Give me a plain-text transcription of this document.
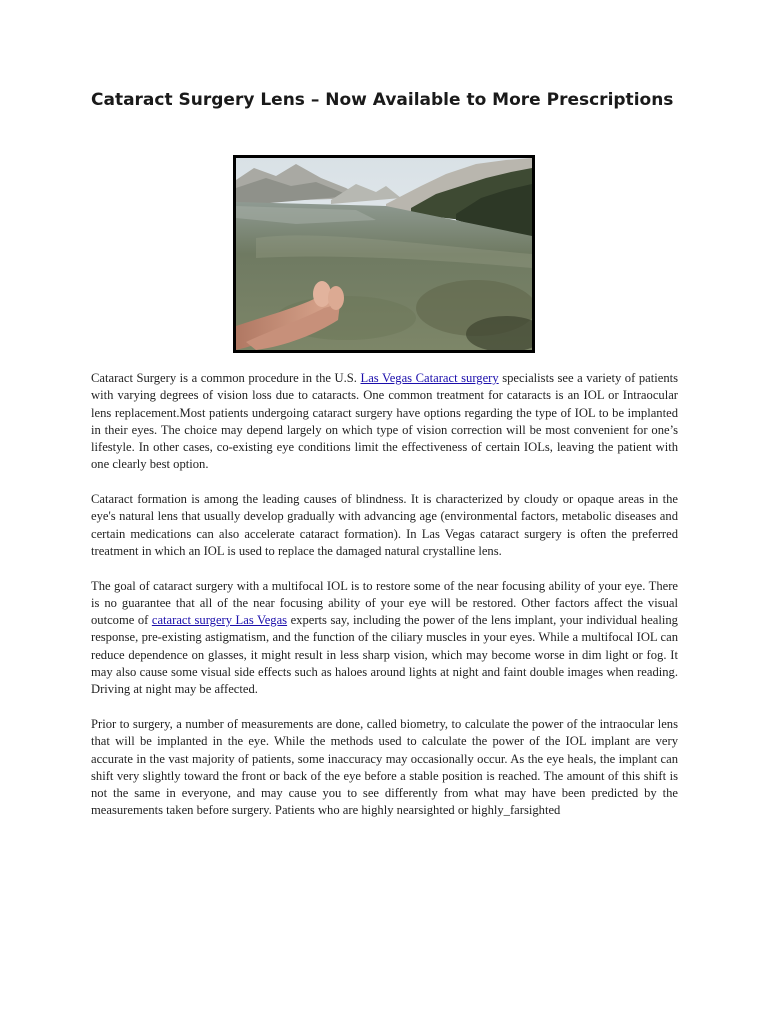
Cataract Surgery Lens – Now Available to More Prescriptions

Cataract Surgery is a common procedure in the U.S. Las Vegas Cataract surgery specialists see a variety of patients with varying degrees of vision loss due to cataracts. One common treatment for cataracts is an IOL or Intraocular lens replacement.Most patients undergoing cataract surgery have options regarding the type of IOL to be implanted in their eyes. The choice may depend largely on which type of vision correction will be most convenient for one’s lifestyle. In other cases, co-existing eye conditions limit the effectiveness of certain IOLs, leaving the patient with one clearly best option.

Cataract formation is among the leading causes of blindness. It is characterized by cloudy or opaque areas in the eye's natural lens that usually develop gradually with advancing age (environmental factors, metabolic diseases and certain medications can also accelerate cataract formation). In Las Vegas cataract surgery is often the preferred treatment in which an IOL is used to replace the damaged natural crystalline lens.

The goal of cataract surgery with a multifocal IOL is to restore some of the near focusing ability of your eye. There is no guarantee that all of the near focusing ability of your eye will be restored. Other factors affect the visual outcome of cataract surgery Las Vegas experts say, including the power of the lens implant, your individual healing response, pre-existing astigmatism, and the function of the ciliary muscles in your eyes. While a multifocal IOL can reduce dependence on glasses, it might result in less sharp vision, which may become worse in dim light or fog. It may also cause some visual side effects such as haloes around lights at night and faint double images when reading. Driving at night may be affected.

Prior to surgery, a number of measurements are done, called biometry, to calculate the power of the intraocular lens that will be implanted in the eye. While the methods used to calculate the power of the IOL implant are very accurate in the vast majority of patients, some inaccuracy may occasionally occur. As the eye heals, the implant can shift very slightly toward the front or back of the eye before a stable position is reached. The amount of this shift is not the same in everyone, and may cause you to see differently from what may have been predicted by the measurements taken before surgery. Patients who are highly nearsighted or highly_farsighted
